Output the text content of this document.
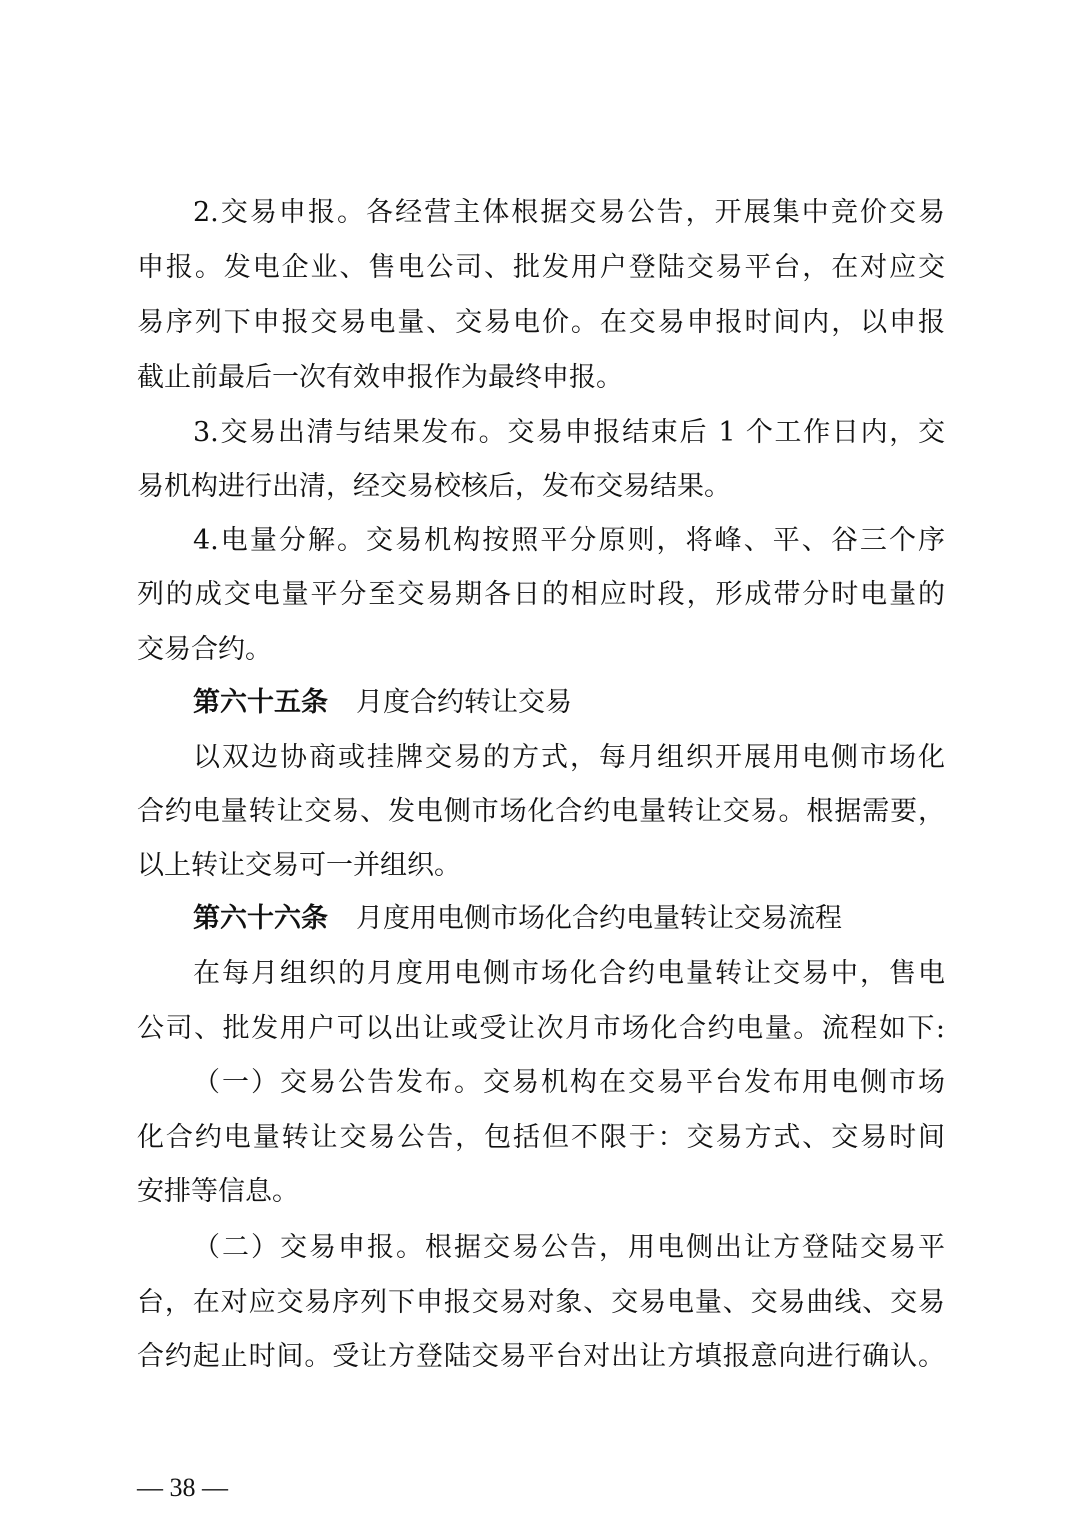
2.交易申报。各经营主体根据交易公告，开展集中竞价交易
申报。发电企业、售电公司、批发用户登陆交易平台，在对应交
易序列下申报交易电量、交易电价。在交易申报时间内，以申报
截止前最后一次有效申报作为最终申报。
3.交易出清与结果发布。交易申报结束后 1 个工作日内，交
易机构进行出清，经交易校核后，发布交易结果。
4.电量分解。交易机构按照平分原则，将峰、平、谷三个序
列的成交电量平分至交易期各日的相应时段，形成带分时电量的
交易合约。
第六十五条 月度合约转让交易
以双边协商或挂牌交易的方式，每月组织开展用电侧市场化
合约电量转让交易、发电侧市场化合约电量转让交易。根据需要，
以上转让交易可一并组织。
第六十六条 月度用电侧市场化合约电量转让交易流程
在每月组织的月度用电侧市场化合约电量转让交易中，售电
公司、批发用户可以出让或受让次月市场化合约电量。流程如下:
（一）交易公告发布。交易机构在交易平台发布用电侧市场
化合约电量转让交易公告，包括但不限于：交易方式、交易时间
安排等信息。
（二）交易申报。根据交易公告，用电侧出让方登陆交易平
台，在对应交易序列下申报交易对象、交易电量、交易曲线、交易
合约起止时间。受让方登陆交易平台对出让方填报意向进行确认。
— 38 —
